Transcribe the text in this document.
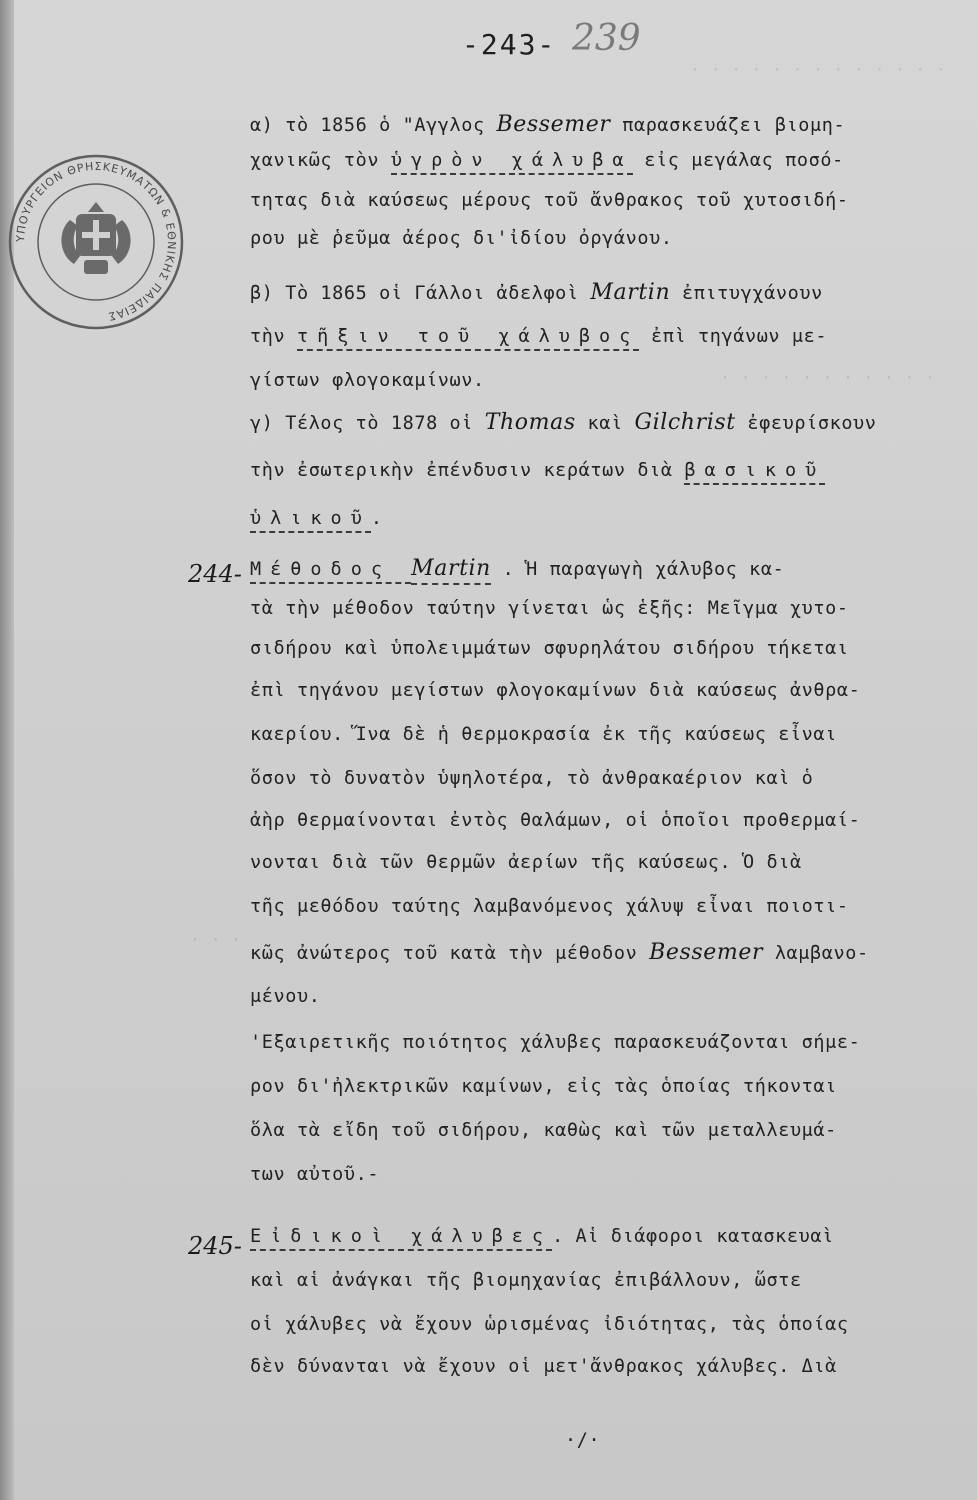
· · · · · · · · · · · · ·
· · · · · · · · · · ·
· · ·
ΥΠΟΥΡΓΕΙΟΝ ΘΡΗΣΚΕΥΜΑΤΩΝ & ΕΘΝΙΚΗΣ ΠΑΙΔΕΙΑΣ
-243- 239
244-
245-
α) τὸ 1856 ὁ "Αγγλος Bessemer παρασκευάζει βιομη-
χανικῶς τὸν ὑγρὸν χάλυβα εἰς μεγάλας ποσό-
τητας διὰ καύσεως μέρους τοῦ ἄνθρακος τοῦ χυτοσιδή-
ρου μὲ ῥεῦμα ἀέρος δι'ἰδίου ὀργάνου.
β) Τὸ 1865 οἱ Γάλλοι ἀδελφοὶ Martin ἐπιτυγχάνουν
τὴν τῆξιν τοῦ χάλυβος ἐπὶ τηγάνων με-
γίστων φλογοκαμίνων.
γ) Τέλος τὸ 1878 οἱ Thomas καὶ Gilchrist ἐφευρίσκουν
τὴν ἐσωτερικὴν ἐπένδυσιν κεράτων διὰ βασικοῦ
ὑλικοῦ.
Μέθοδος Martin . Ἡ παραγωγὴ χάλυβος κα-
τὰ τὴν μέθοδον ταύτην γίνεται ὡς ἑξῆς: Μεῖγμα χυτο-
σιδήρου καὶ ὑπολειμμάτων σφυρηλάτου σιδήρου τήκεται
ἐπὶ τηγάνου μεγίστων φλογοκαμίνων διὰ καύσεως ἀνθρα-
καερίου. Ἵνα δὲ ἡ θερμοκρασία ἐκ τῆς καύσεως εἶναι
ὅσον τὸ δυνατὸν ὑψηλοτέρα, τὸ ἀνθρακαέριον καὶ ὁ
ἀὴρ θερμαίνονται ἐντὸς θαλάμων, οἱ ὁποῖοι προθερμαί-
νονται διὰ τῶν θερμῶν ἀερίων τῆς καύσεως. Ὁ διὰ
τῆς μεθόδου ταύτης λαμβανόμενος χάλυψ εἶναι ποιοτι-
κῶς ἀνώτερος τοῦ κατὰ τὴν μέθοδον Bessemer λαμβανο-
μένου.
'Εξαιρετικῆς ποιότητος χάλυβες παρασκευάζονται σήμε-
ρον δι'ἠλεκτρικῶν καμίνων, εἰς τὰς ὁποίας τήκονται
ὅλα τὰ εἴδη τοῦ σιδήρου, καθὼς καὶ τῶν μεταλλευμά-
των αὐτοῦ.-
Εἰδικοὶ χάλυβες. Αἱ διάφοροι κατασκευαὶ
καὶ αἱ ἀνάγκαι τῆς βιομηχανίας ἐπιβάλλουν, ὥστε
οἱ χάλυβες νὰ ἔχουν ὡρισμένας ἰδιότητας, τὰς ὁποίας
δὲν δύνανται νὰ ἔχουν οἱ μετ'ἄνθρακος χάλυβες. Διὰ
·/·
